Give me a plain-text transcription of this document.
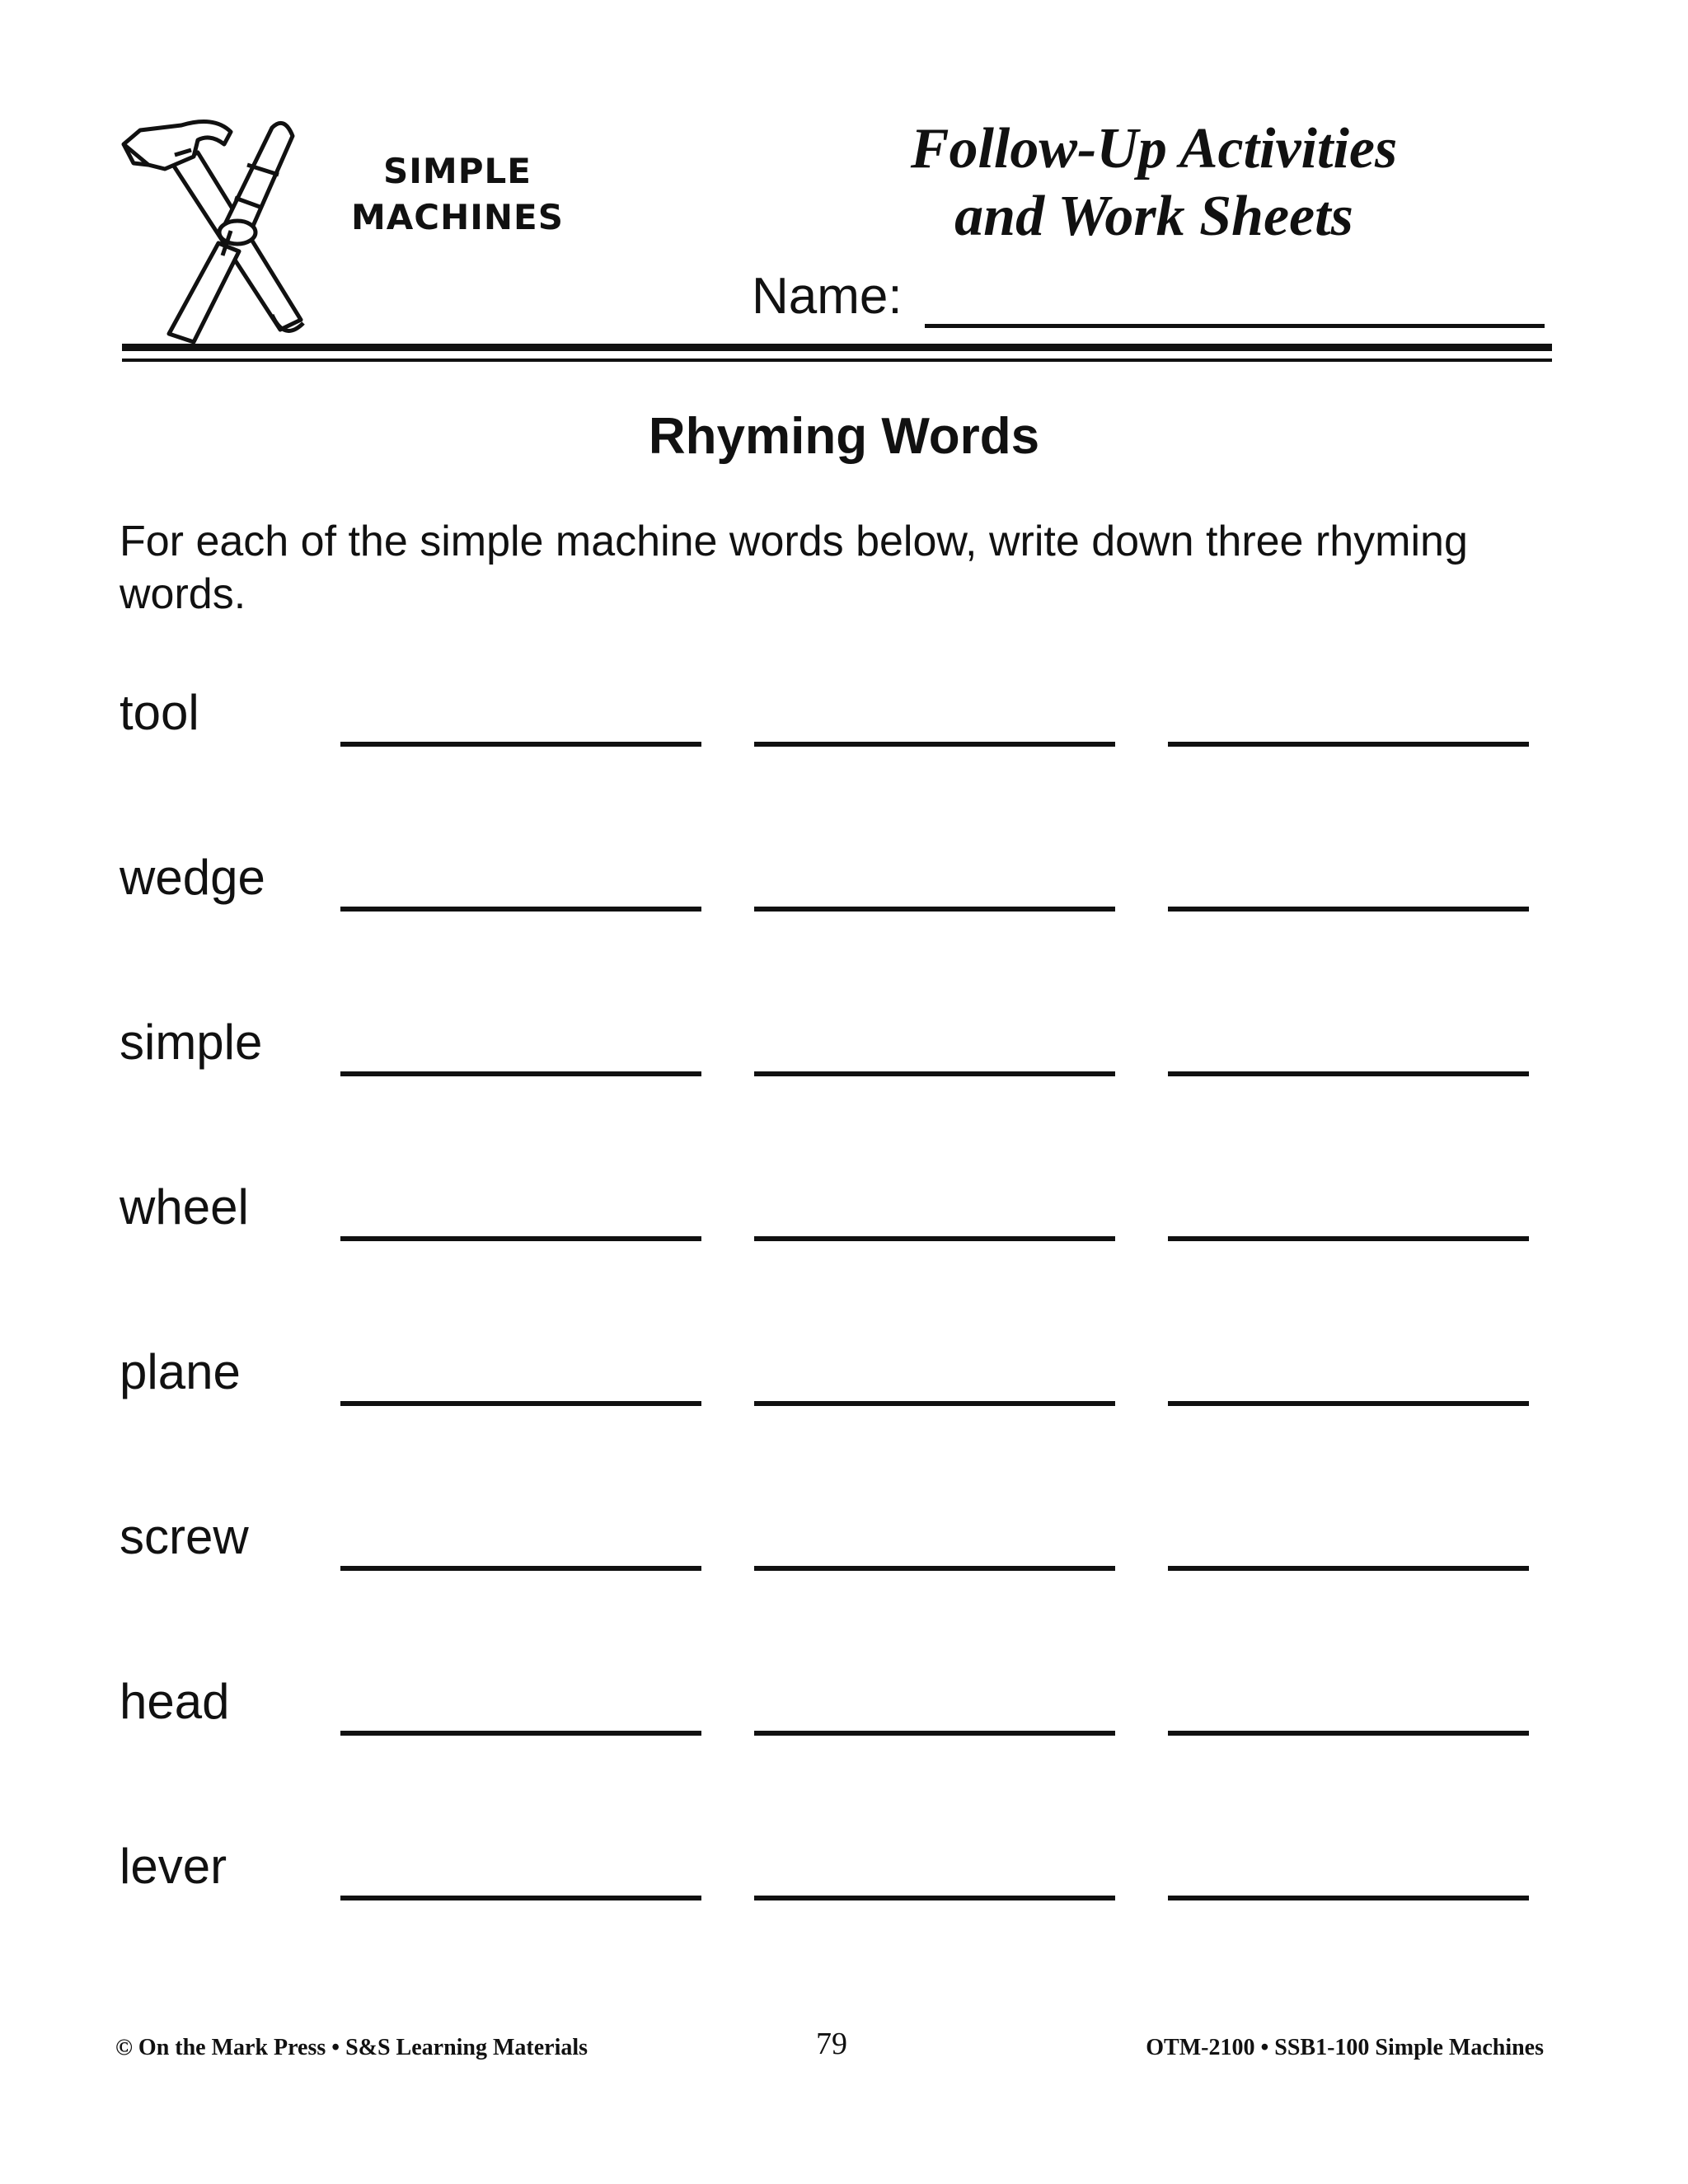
SIMPLE
MACHINES
Follow-Up Activities
and Work Sheets
Name:
Rhyming Words
For each of the simple machine words below, write down three rhyming words.
tool
wedge
simple
wheel
plane
screw
head
lever
© On the Mark Press • S&S Learning Materials	79	OTM-2100 • SSB1-100 Simple Machines
